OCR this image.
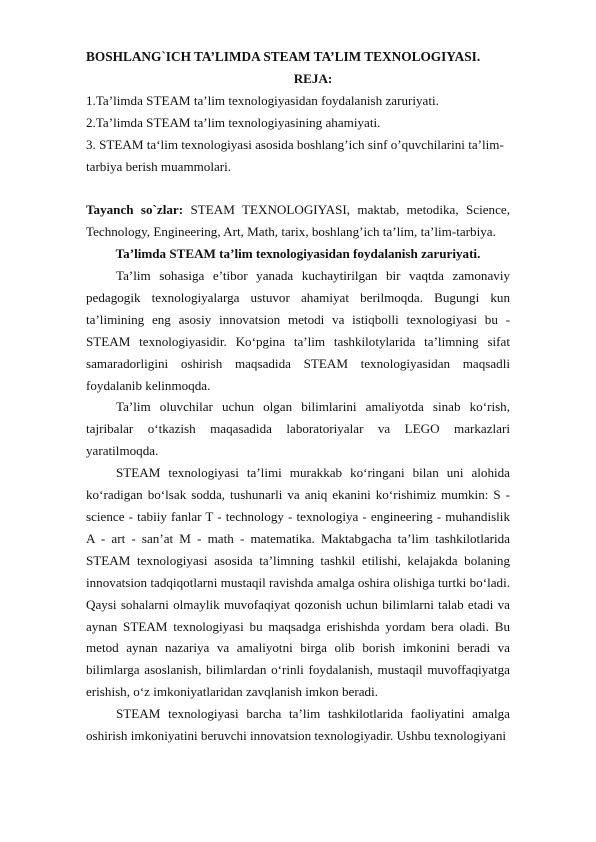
BOSHLANG`ICH TA’LIMDA STEAM TA’LIM TEXNOLOGIYASI.

REJA:

1.Ta’limda STEAM ta’lim texnologiyasidan foydalanish zaruriyati.

2.Ta’limda STEAM ta’lim texnologiyasining ahamiyati.

3. STEAM ta‘lim texnologiyasi asosida boshlang’ich sinf o’quvchilarini ta’lim-tarbiya berish muammolari.

Tayanch so`zlar: STEAM TEXNOLOGIYASI, maktab, metodika, Science, Technology, Engineering, Art, Math, tarix, boshlang’ich ta’lim, ta’lim-tarbiya.

Ta’limda STEAM ta’lim texnologiyasidan foydalanish zaruriyati.

Ta’lim sohasiga e’tibor yanada kuchaytirilgan bir vaqtda zamonaviy pedagogik texnologiyalarga ustuvor ahamiyat berilmoqda. Bugungi kun ta’limining eng asosiy innovatsion metodi va istiqbolli texnologiyasi bu - STEAM texnologiyasidir. Ko‘pgina ta’lim tashkilotylarida ta’limning sifat samaradorligini oshirish maqsadida STEAM texnologiyasidan maqsadli foydalanib kelinmoqda.

Ta’lim oluvchilar uchun olgan bilimlarini amaliyotda sinab ko‘rish, tajribalar o‘tkazish maqasadida laboratoriyalar va LEGO markazlari yaratilmoqda.

STEAM texnologiyasi ta’limi murakkab ko‘ringani bilan uni alohida ko‘radigan bo‘lsak sodda, tushunarli va aniq ekanini ko‘rishimiz mumkin: S - science - tabiiy fanlar T - technology - texnologiya - engineering - muhandislik A - art - san’at M - math - matematika. Maktabgacha ta’lim tashkilotlarida STEAM texnologiyasi asosida ta’limning tashkil etilishi, kelajakda bolaning innovatsion tadqiqotlarni mustaqil ravishda amalga oshira olishiga turtki bo‘ladi. Qaysi sohalarni olmaylik muvofaqiyat qozonish uchun bilimlarni talab etadi va aynan STEAM texnologiyasi bu maqsadga erishishda yordam bera oladi. Bu metod aynan nazariya va amaliyotni birga olib borish imkonini beradi va bilimlarga asoslanish, bilimlardan o‘rinli foydalanish, mustaqil muvoffaqiyatga erishish, o‘z imkoniyatlaridan zavqlanish imkon beradi.

STEAM texnologiyasi barcha ta’lim tashkilotlarida faoliyatini amalga oshirish imkoniyatini beruvchi innovatsion texnologiyadir. Ushbu texnologiyani
